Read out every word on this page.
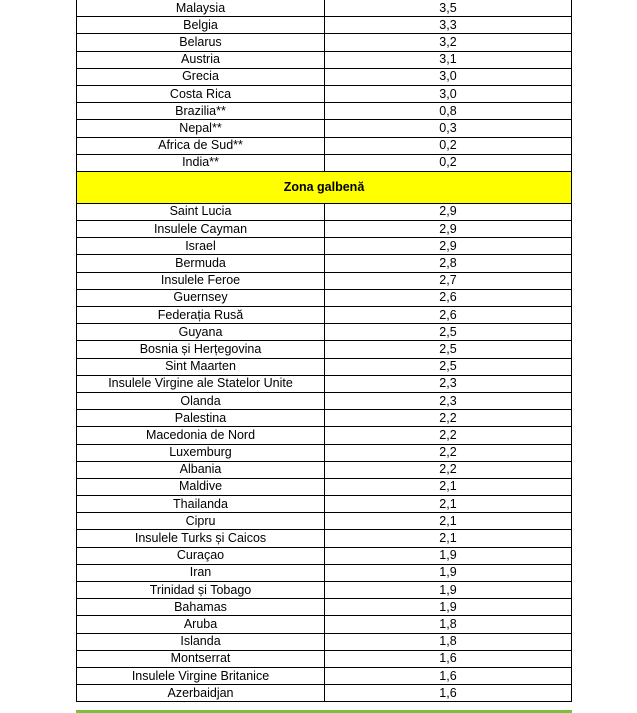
Malaysia	3,5
Belgia	3,3
Belarus	3,2
Austria	3,1
Grecia	3,0
Costa Rica	3,0
Brazilia**	0,8
Nepal**	0,3
Africa de Sud**	0,2
India**	0,2
Zona galbenă	
Saint Lucia	2,9
Insulele Cayman	2,9
Israel	2,9
Bermuda	2,8
Insulele Feroe	2,7
Guernsey	2,6
Federația Rusă	2,6
Guyana	2,5
Bosnia și Herțegovina	2,5
Sint Maarten	2,5
Insulele Virgine ale Statelor Unite	2,3
Olanda	2,3
Palestina	2,2
Macedonia de Nord	2,2
Luxemburg	2,2
Albania	2,2
Maldive	2,1
Thailanda	2,1
Cipru	2,1
Insulele Turks și Caicos	2,1
Curaçao	1,9
Iran	1,9
Trinidad și Tobago	1,9
Bahamas	1,9
Aruba	1,8
Islanda	1,8
Montserrat	1,6
Insulele Virgine Britanice	1,6
Azerbaidjan	1,6
